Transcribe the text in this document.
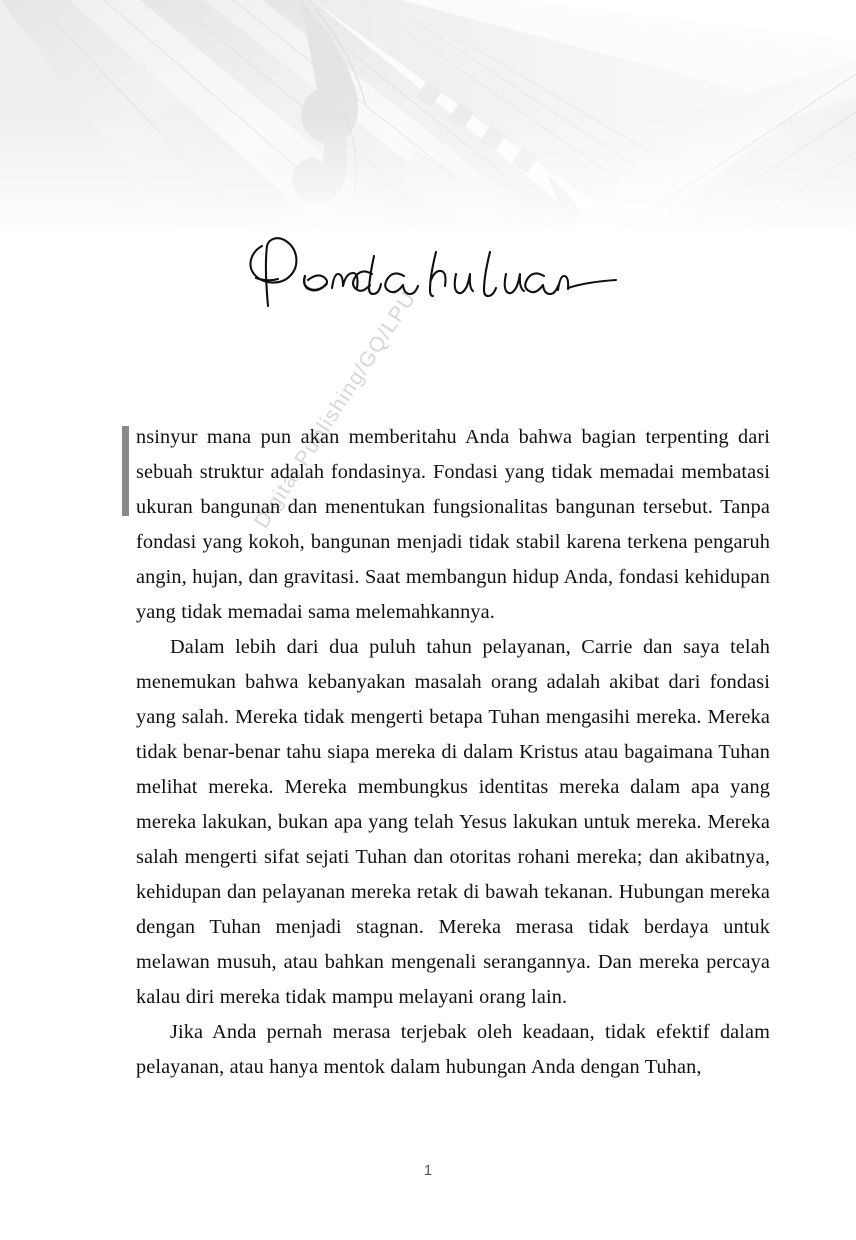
Digital Publishing/GQ/LPU

nsinyur mana pun akan memberitahu Anda bahwa bagian terpenting dari sebuah struktur adalah fondasinya. Fondasi yang tidak memadai membatasi ukuran bangunan dan menentukan fungsionalitas bangunan tersebut. Tanpa fondasi yang kokoh, bangunan menjadi tidak stabil karena terkena pengaruh angin, hujan, dan gravitasi. Saat membangun hidup Anda, fondasi kehidupan yang tidak memadai sama melemahkannya.

Dalam lebih dari dua puluh tahun pelayanan, Carrie dan saya telah menemukan bahwa kebanyakan masalah orang adalah akibat dari fondasi yang salah. Mereka tidak mengerti betapa Tuhan mengasihi mereka. Mereka tidak benar-benar tahu siapa mereka di dalam Kristus atau bagaimana Tuhan melihat mereka. Mereka membungkus identitas mereka dalam apa yang mereka lakukan, bukan apa yang telah Yesus lakukan untuk mereka. Mereka salah mengerti sifat sejati Tuhan dan otoritas rohani mereka; dan akibatnya, kehidupan dan pelayanan mereka retak di bawah tekanan. Hubungan mereka dengan Tuhan menjadi stagnan. Mereka merasa tidak berdaya untuk melawan musuh, atau bahkan mengenali serangannya. Dan mereka percaya kalau diri mereka tidak mampu melayani orang lain.

Jika Anda pernah merasa terjebak oleh keadaan, tidak efektif dalam pelayanan, atau hanya mentok dalam hubungan Anda dengan Tuhan,

1
